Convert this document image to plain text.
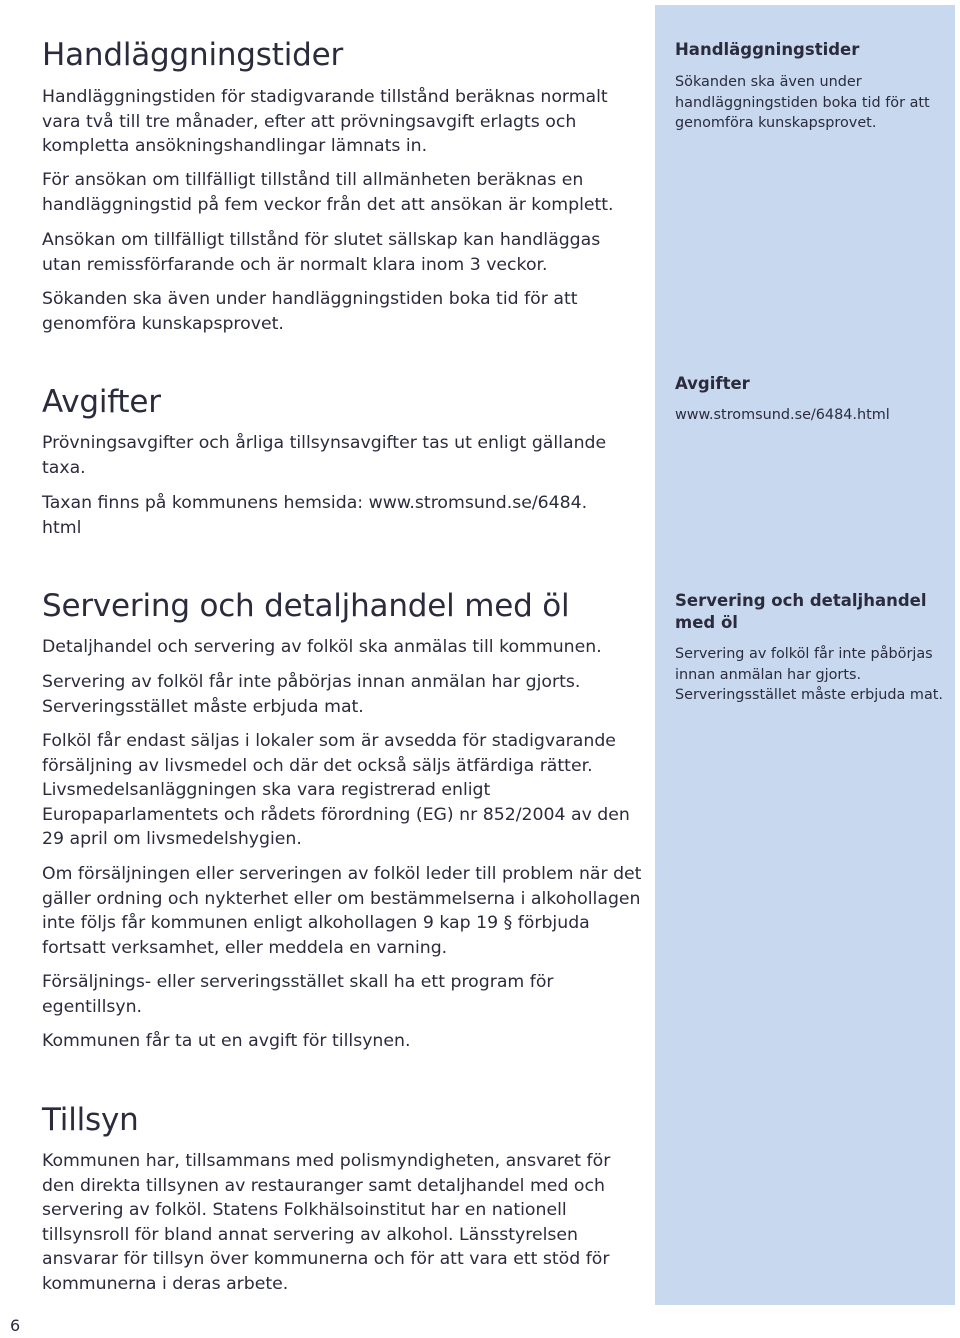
Handläggningstider

Handläggningstiden för stadigvarande tillstånd beräknas normalt vara två till tre månader, efter att prövningsavgift erlagts och kompletta ansökningshandlingar lämnats in.

För ansökan om tillfälligt tillstånd till allmänheten beräknas en handläggningstid på fem veckor från det att ansökan är komplett.

Ansökan om tillfälligt tillstånd för slutet sällskap kan handläggas utan remissförfarande och är normalt klara inom 3 veckor.

Sökanden ska även under handläggningstiden boka tid för att genomföra kunskapsprovet.

Avgifter

Prövningsavgifter och årliga tillsynsavgifter tas ut enligt gällande taxa.

Taxan finns på kommunens hemsida: www.stromsund.se/6484.
html

Servering och detaljhandel med öl

Detaljhandel och servering av folköl ska anmälas till kommunen.

Servering av folköl får inte påbörjas innan anmälan har gjorts. Serveringsstället måste erbjuda mat.

Folköl får endast säljas i lokaler som är avsedda för stadigvarande försäljning av livsmedel och där det också säljs ätfärdiga rätter. Livsmedelsanläggningen ska vara registrerad enligt Europaparlamentets och rådets förordning (EG) nr 852/2004 av den 29 april om livsmedelshygien.

Om försäljningen eller serveringen av folköl leder till problem när det gäller ordning och nykterhet eller om bestämmelserna i alkohollagen inte följs får kommunen enligt alkohollagen 9 kap 19 § förbjuda fortsatt verksamhet, eller meddela en varning.

Försäljnings- eller serveringsstället skall ha ett program för egentillsyn.

Kommunen får ta ut en avgift för tillsynen.

Tillsyn

Kommunen har, tillsammans med polismyndigheten, ansvaret för den direkta tillsynen av restauranger samt detaljhandel med och servering av folköl. Statens Folkhälsoinstitut har en nationell tillsynsroll för bland annat servering av alkohol. Länsstyrelsen ansvarar för tillsyn över kommunerna och för att vara ett stöd för kommunerna i deras arbete.

Handläggningstider

Sökanden ska även under handläggningstiden boka tid för att genomföra kunskapsprovet.

Avgifter

www.stromsund.se/6484.html

Servering och detaljhandel med öl

Servering av folköl får inte påbörjas innan anmälan har gjorts. Serveringsstället måste erbjuda mat.

6
